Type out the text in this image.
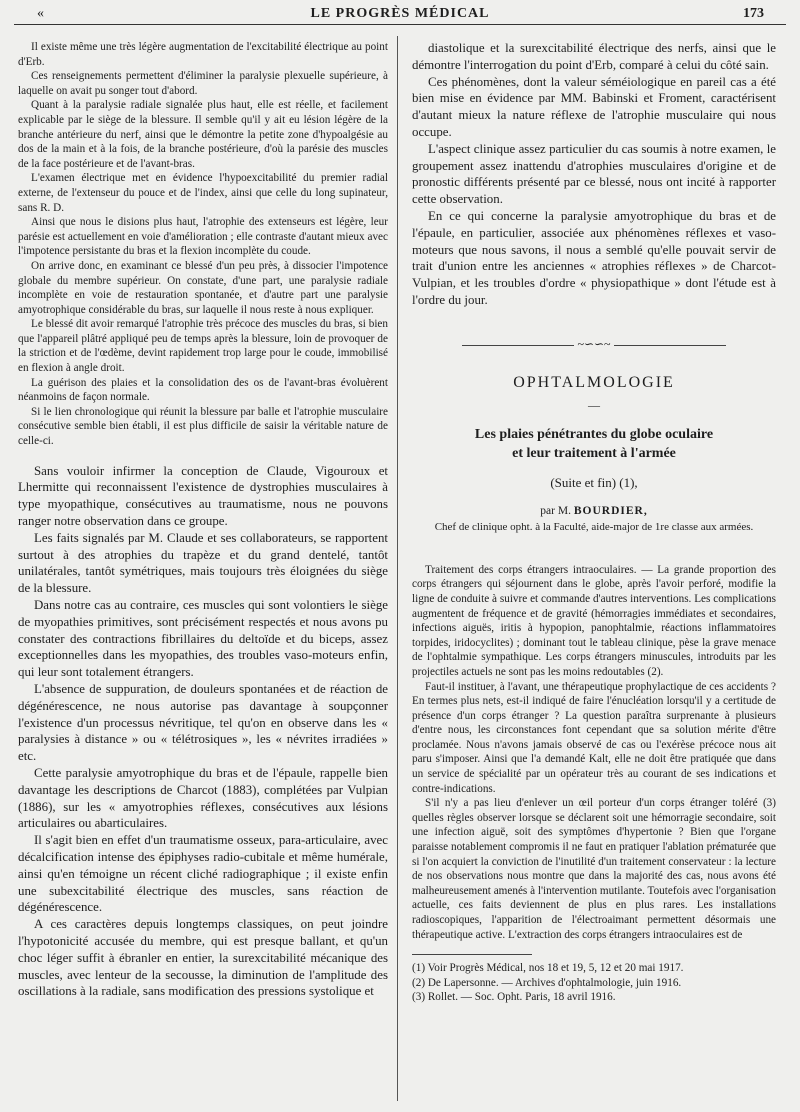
«	LE PROGRÈS MÉDICAL	173

Il existe même une très légère augmentation de l'excitabilité électrique au point d'Erb.

Ces renseignements permettent d'éliminer la paralysie plexuelle supérieure, à laquelle on avait pu songer tout d'abord.

Quant à la paralysie radiale signalée plus haut, elle est réelle, et facilement explicable par le siège de la blessure. Il semble qu'il y ait eu lésion légère de la branche antérieure du nerf, ainsi que le démontre la petite zone d'hypoalgésie au dos de la main et à la fois, de la branche postérieure, d'où la parésie des muscles de la face postérieure et de l'avant-bras.

L'examen électrique met en évidence l'hypoexcitabilité du premier radial externe, de l'extenseur du pouce et de l'index, ainsi que celle du long supinateur, sans R. D.

Ainsi que nous le disions plus haut, l'atrophie des extenseurs est légère, leur parésie est actuellement en voie d'amélioration ; elle contraste d'autant mieux avec l'impotence persistante du bras et la flexion incomplète du coude.

On arrive donc, en examinant ce blessé d'un peu près, à dissocier l'impotence globale du membre supérieur. On constate, d'une part, une paralysie radiale incomplète en voie de restauration spontanée, et d'autre part une paralysie amyotrophique considérable du bras, sur laquelle il nous reste à nous expliquer.

Le blessé dit avoir remarqué l'atrophie très précoce des muscles du bras, si bien que l'appareil plâtré appliqué peu de temps après la blessure, loin de provoquer de la striction et de l'œdème, devint rapidement trop large pour le coude, immobilisé en flexion à angle droit.

La guérison des plaies et la consolidation des os de l'avant-bras évoluèrent néanmoins de façon normale.

Si le lien chronologique qui réunit la blessure par balle et l'atrophie musculaire consécutive semble bien établi, il est plus difficile de saisir la véritable nature de celle-ci.

Sans vouloir infirmer la conception de Claude, Vigouroux et Lhermitte qui reconnaissent l'existence de dystrophies musculaires à type myopathique, consécutives au traumatisme, nous ne pouvons ranger notre observation dans ce groupe.

Les faits signalés par M. Claude et ses collaborateurs, se rapportent surtout à des atrophies du trapèze et du grand dentelé, tantôt unilatérales, tantôt symétriques, mais toujours très éloignées du siège de la blessure.

Dans notre cas au contraire, ces muscles qui sont volontiers le siège de myopathies primitives, sont précisément respectés et nous avons pu constater des contractions fibrillaires du deltoïde et du biceps, assez exceptionnelles dans les myopathies, des troubles vaso-moteurs enfin, qui leur sont totalement étrangers.

L'absence de suppuration, de douleurs spontanées et de réaction de dégénérescence, ne nous autorise pas davantage à soupçonner l'existence d'un processus névritique, tel qu'on en observe dans les « paralysies à distance » ou « télétrosiques », les « névrites irradiées » etc.

Cette paralysie amyotrophique du bras et de l'épaule, rappelle bien davantage les descriptions de Charcot (1883), complétées par Vulpian (1886), sur les « amyotrophies réflexes, consécutives aux lésions articulaires ou abarticulaires.

Il s'agit bien en effet d'un traumatisme osseux, para-articulaire, avec décalcification intense des épiphyses radio-cubitale et même humérale, ainsi qu'en témoigne un récent cliché radiographique ; il existe enfin une subexcitabilité électrique des muscles, sans réaction de dégénérescence.

A ces caractères depuis longtemps classiques, on peut joindre l'hypotonicité accusée du membre, qui est presque ballant, et qu'un choc léger suffit à ébranler en entier, la surexcitabilité mécanique des muscles, avec lenteur de la secousse, la diminution de l'amplitude des oscillations à la radiale, sans modification des pressions systolique et

diastolique et la surexcitabilité électrique des nerfs, ainsi que le démontre l'interrogation du point d'Erb, comparé à celui du côté sain.

Ces phénomènes, dont la valeur séméiologique en pareil cas a été bien mise en évidence par MM. Babinski et Froment, caractérisent d'autant mieux la nature réflexe de l'atrophie musculaire qui nous occupe.

L'aspect clinique assez particulier du cas soumis à notre examen, le groupement assez inattendu d'atrophies musculaires d'origine et de pronostic différents présenté par ce blessé, nous ont incité à rapporter cette observation.

En ce qui concerne la paralysie amyotrophique du bras et de l'épaule, en particulier, associée aux phénomènes réflexes et vaso-moteurs que nous savons, il nous a semblé qu'elle pouvait servir de trait d'union entre les anciennes « atrophies réflexes » de Charcot-Vulpian, et les troubles d'ordre « physiopathique » dont l'étude est à l'ordre du jour.

~∽∽~
OPHTALMOLOGIE
—
Les plaies pénétrantes du globe oculaire
et leur traitement à l'armée
(Suite et fin) (1),
par M. BOURDIER,
Chef de clinique opht. à la Faculté, aide-major de 1re classe aux armées.

Traitement des corps étrangers intraoculaires. — La grande proportion des corps étrangers qui séjournent dans le globe, après l'avoir perforé, modifie la ligne de conduite à suivre et commande d'autres interventions. Les complications augmentent de fréquence et de gravité (hémorragies immédiates et secondaires, infections aiguës, iritis à hypopion, panophtalmie, réactions inflammatoires torpides, iridocyclites) ; dominant tout le tableau clinique, pèse la grave menace de l'ophtalmie sympathique. Les corps étrangers minuscules, introduits par les projectiles actuels ne sont pas les moins redoutables (2).

Faut-il instituer, à l'avant, une thérapeutique prophylactique de ces accidents ? En termes plus nets, est-il indiqué de faire l'énucléation lorsqu'il y a certitude de présence d'un corps étranger ? La question paraîtra surprenante à plusieurs d'entre nous, les circonstances font cependant que sa solution mérite d'être proclamée. Nous n'avons jamais observé de cas ou l'exérèse précoce nous ait paru s'imposer. Ainsi que l'a demandé Kalt, elle ne doit être pratiquée que dans un service de spécialité par un opérateur très au courant de ses indications et contre-indications.

S'il n'y a pas lieu d'enlever un œil porteur d'un corps étranger toléré (3) quelles règles observer lorsque se déclarent soit une hémorragie secondaire, soit une infection aiguë, soit des symptômes d'hypertonie ? Bien que l'organe paraisse notablement compromis il ne faut en pratiquer l'ablation prématurée que si l'on acquiert la conviction de l'inutilité d'un traitement conservateur : la lecture de nos observations nous montre que dans la majorité des cas, nous avons été malheureusement amenés à l'intervention mutilante. Toutefois avec l'organisation actuelle, ces faits deviennent de plus en plus rares. Les installations radioscopiques, l'apparition de l'électroaimant permettent désormais une thérapeutique active. L'extraction des corps étrangers intraoculaires est de

(1) Voir Progrès Médical, nos 18 et 19, 5, 12 et 20 mai 1917.

(2) De Lapersonne. — Archives d'ophtalmologie, juin 1916.

(3) Rollet. — Soc. Opht. Paris, 18 avril 1916.
